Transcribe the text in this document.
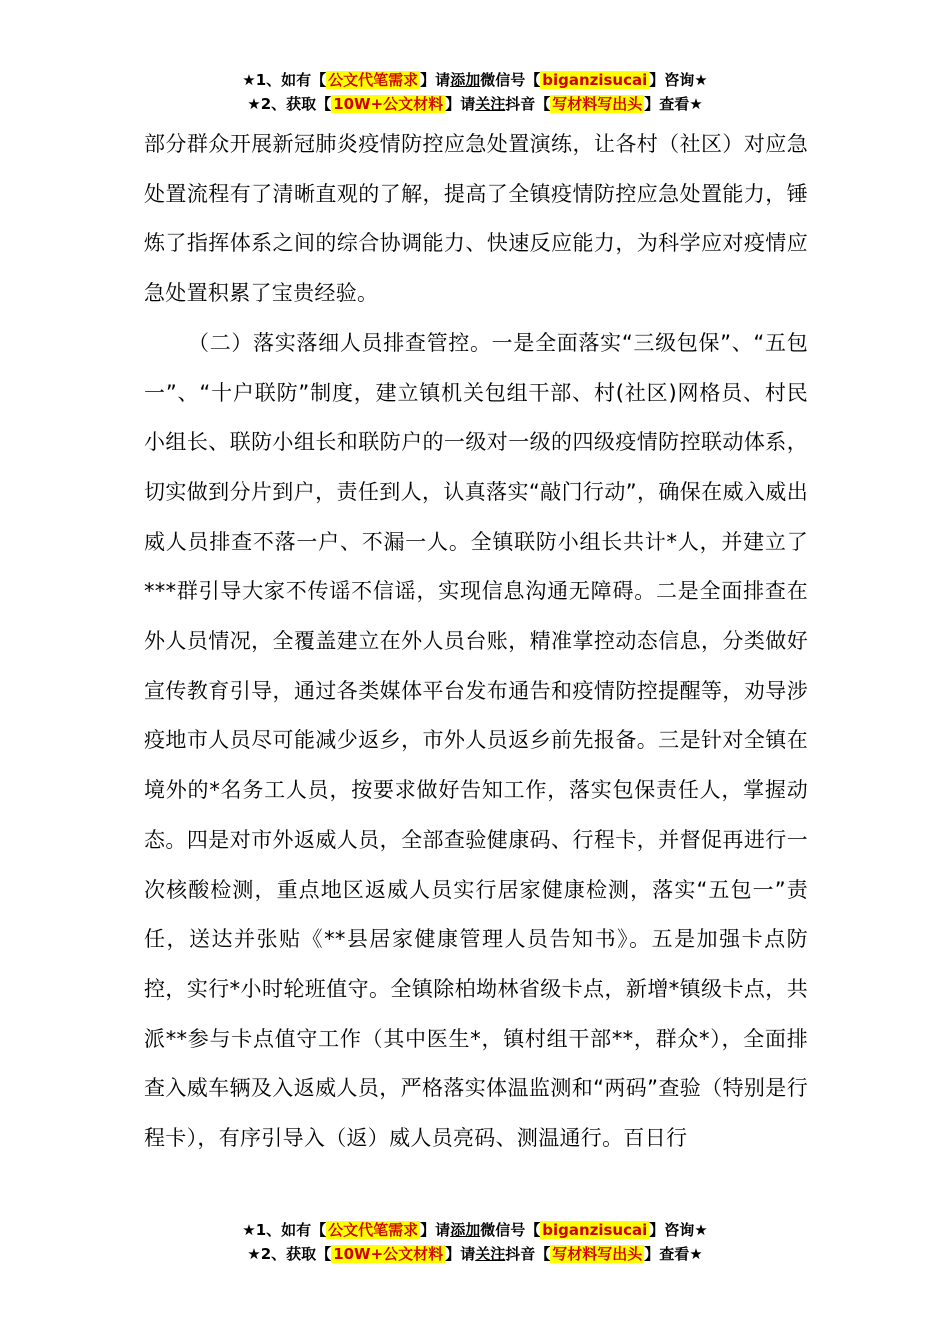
★1、如有【 公文代笔需求 】请添加微信号【 biganzisucai 】咨询★
★2、获取【 10W+公文材料 】请关注抖音【 写材料写出头 】查看★

部分群众开展新冠肺炎疫情防控应急处置演练，让各村（社区）对应急处置流程有了清晰直观的了解，提高了全镇疫情防控应急处置能力，锤炼了指挥体系之间的综合协调能力、快速反应能力，为科学应对疫情应急处置积累了宝贵经验。

（二）落实落细人员排查管控。一是全面落实“三级包保”、“五包一”、“十户联防”制度，建立镇机关包组干部、村(社区)网格员、村民小组长、联防小组长和联防户的一级对一级的四级疫情防控联动体系，切实做到分片到户，责任到人，认真落实“敲门行动”，确保在威入威出威人员排查不落一户、不漏一人。全镇联防小组长共计*人，并建立了***群引导大家不传谣不信谣，实现信息沟通无障碍。二是全面排查在外人员情况，全覆盖建立在外人员台账，精准掌控动态信息，分类做好宣传教育引导，通过各类媒体平台发布通告和疫情防控提醒等，劝导涉疫地市人员尽可能减少返乡，市外人员返乡前先报备。三是针对全镇在境外的*名务工人员，按要求做好告知工作，落实包保责任人，掌握动态。四是对市外返威人员，全部查验健康码、行程卡，并督促再进行一次核酸检测，重点地区返威人员实行居家健康检测，落实“五包一”责任，送达并张贴《**县居家健康管理人员告知书》。五是加强卡点防控，实行*小时轮班值守。全镇除柏坳林省级卡点，新增*镇级卡点，共派**参与卡点值守工作（其中医生*，镇村组干部**，群众*），全面排查入威车辆及入返威人员，严格落实体温监测和“两码”查验（特别是行程卡），有序引导入（返）威人员亮码、测温通行。百日行

★1、如有【 公文代笔需求 】请添加微信号【 biganzisucai 】咨询★
★2、获取【 10W+公文材料 】请关注抖音【 写材料写出头 】查看★
